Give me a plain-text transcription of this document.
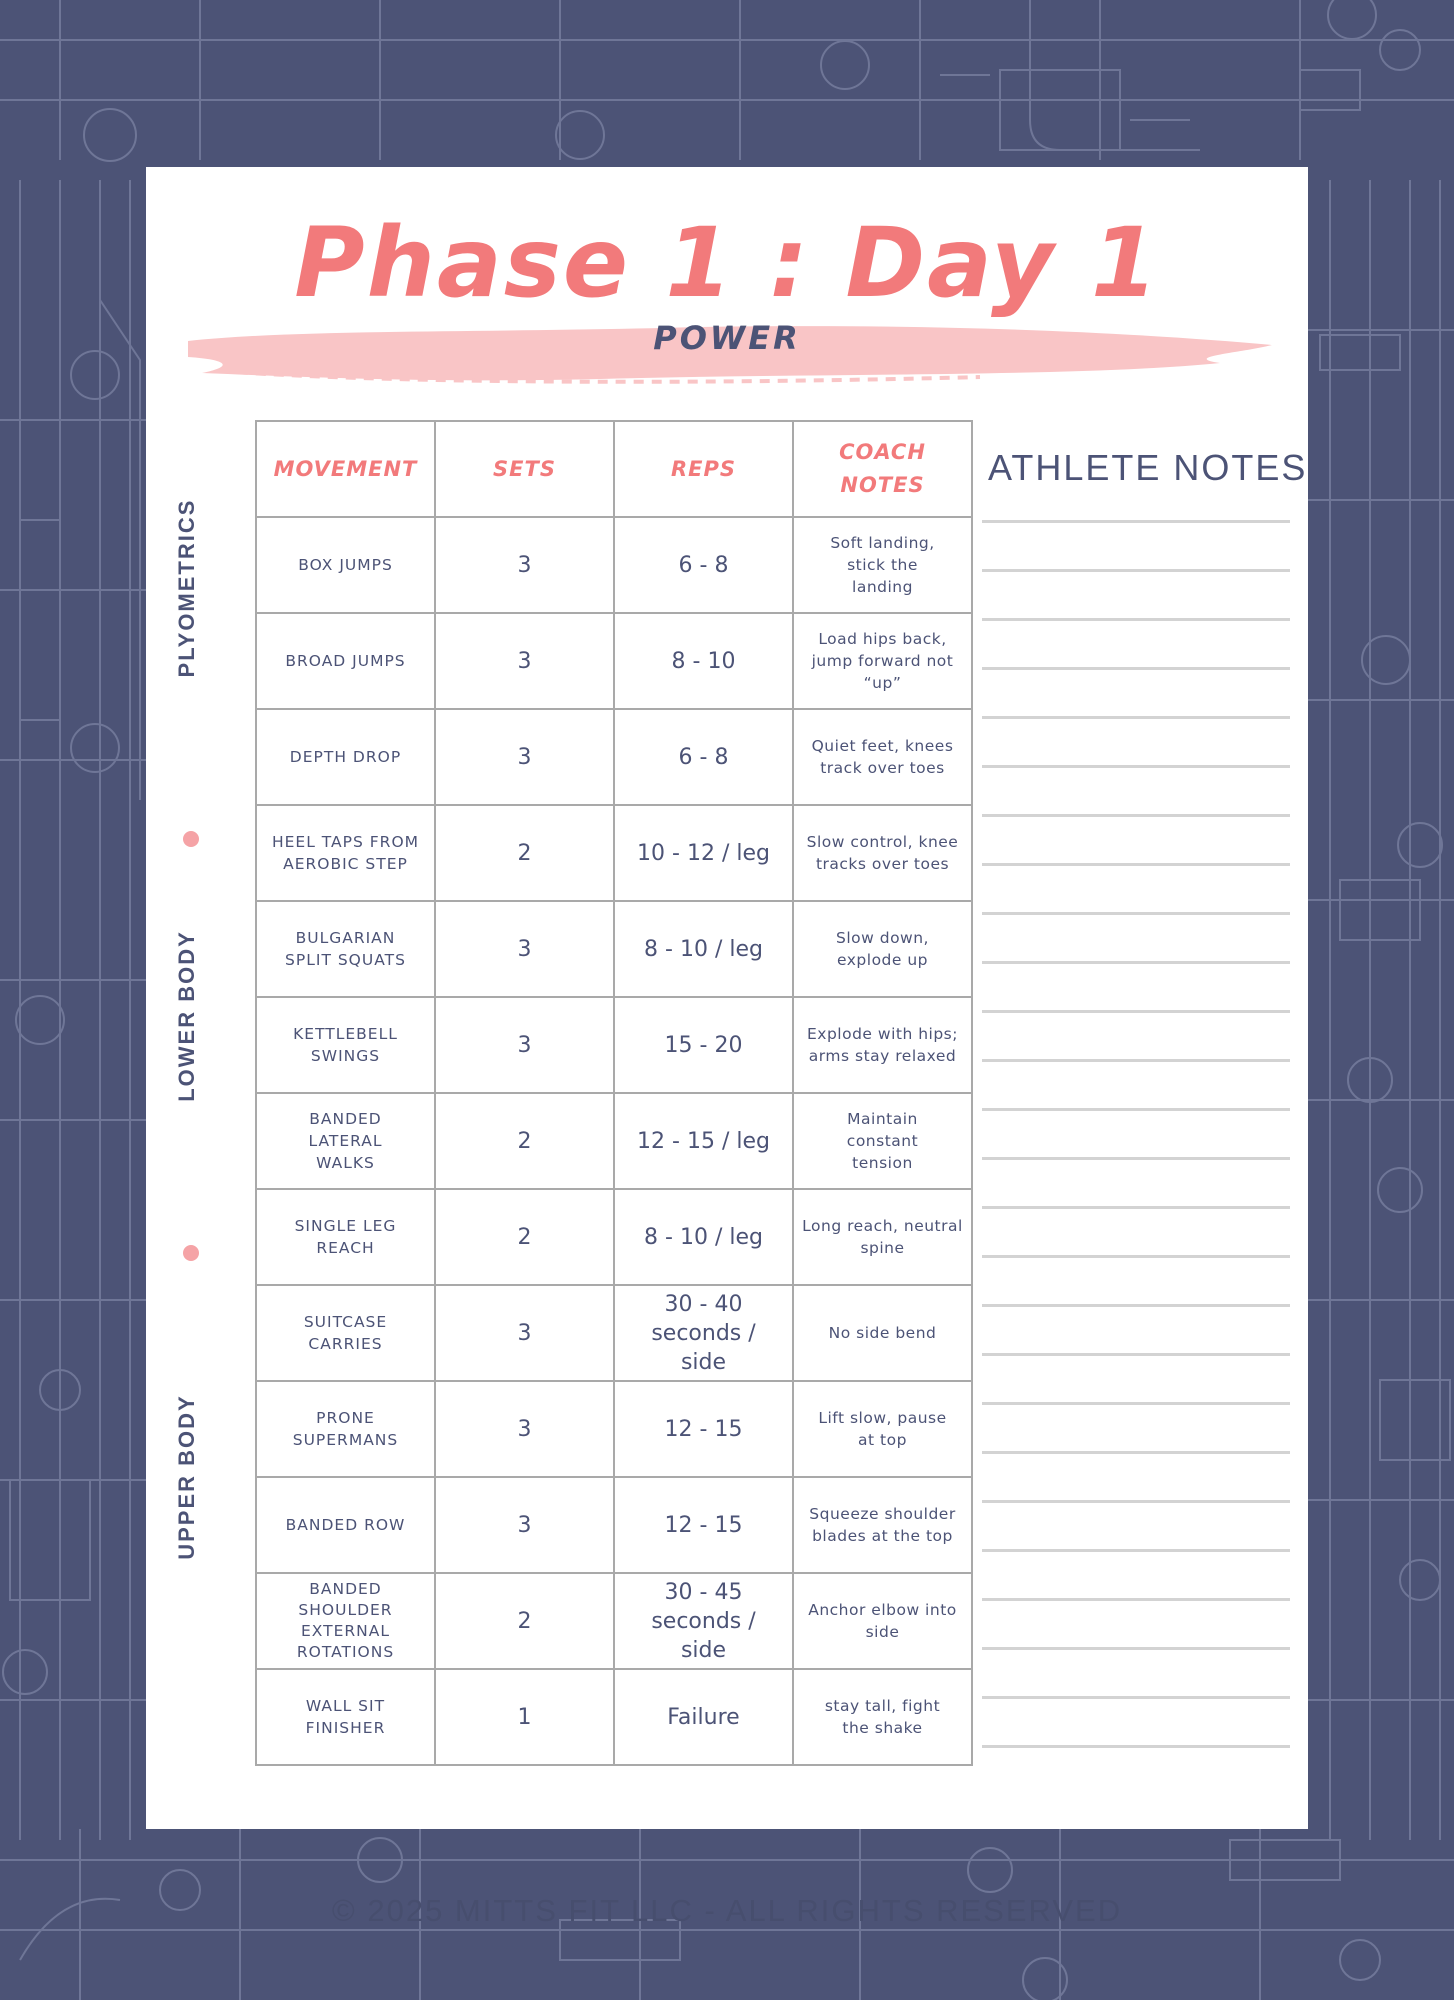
Phase 1 : Day 1
POWER
PLYOMETRICS
LOWER BODY
UPPER BODY
MOVEMENT	SETS	REPS	COACH NOTES
BOX JUMPS	3	6 - 8	Soft landing, stick the landing
BROAD JUMPS	3	8 - 10	Load hips back, jump forward not “up”
DEPTH DROP	3	6 - 8	Quiet feet, knees track over toes
HEEL TAPS FROM AEROBIC STEP	2	10 - 12 / leg	Slow control, knee tracks over toes
BULGARIAN SPLIT SQUATS	3	8 - 10 / leg	Slow down, explode up
KETTLEBELL SWINGS	3	15 - 20	Explode with hips; arms stay relaxed
BANDED LATERAL WALKS	2	12 - 15 / leg	Maintain constant tension
SINGLE LEG REACH	2	8 - 10 / leg	Long reach, neutral spine
SUITCASE CARRIES	3	30 - 40 seconds / side	No side bend
PRONE SUPERMANS	3	12 - 15	Lift slow, pause at top
BANDED ROW	3	12 - 15	Squeeze shoulder blades at the top
BANDED SHOULDER EXTERNAL ROTATIONS	2	30 - 45 seconds / side	Anchor elbow into side
WALL SIT FINISHER	1	Failure	stay tall, fight the shake
ATHLETE NOTES
© 2025 MITTS FIT LLC - ALL RIGHTS RESERVED
